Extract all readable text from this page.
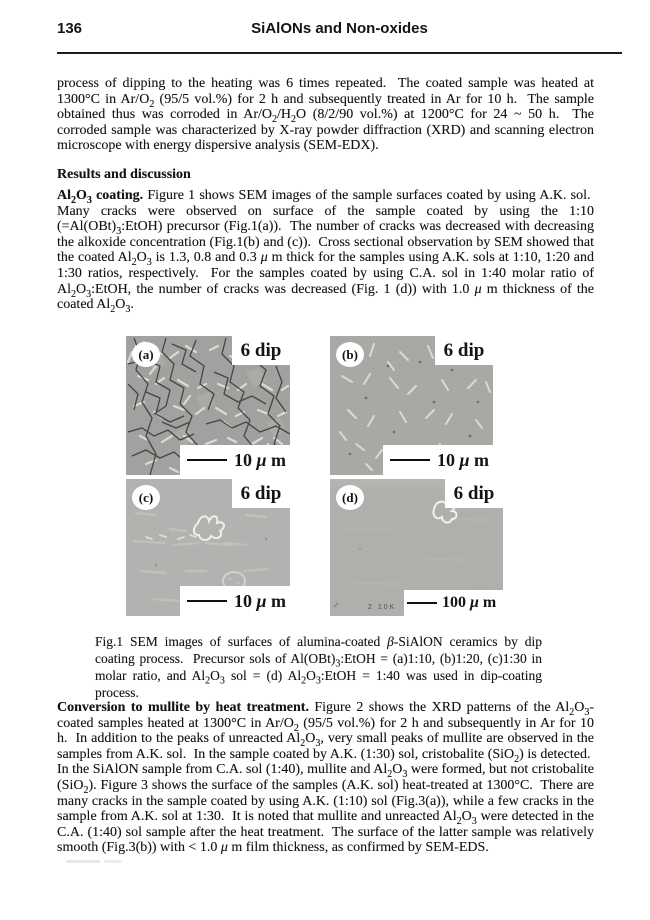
136	SiAlONs and Non-oxides

process of dipping to the heating was 6 times repeated.  The coated sample was heated at 1300°C in $Ar/O_2$ (95/5 vol.%) for 2 h and subsequently treated in Ar for 10 h.  The sample obtained thus was corroded in $Ar/O_2/H_2O$ (8/2/90 vol.%) at 1200°C for 24 ~ 50 h.  The corroded sample was characterized by X-ray powder diffraction (XRD) and scanning electron microscope with energy dispersive analysis (SEM-EDX).

Results and discussion

$Al_2O_3$ coating. Figure 1 shows SEM images of the sample surfaces coated by using A.K. sol.  Many cracks were observed on surface of the sample coated by using the 1:10 $(=Al(OBt)_3:EtOH)$ precursor (Fig.1(a)).  The number of cracks was decreased with decreasing the alkoxide concentration (Fig.1(b) and (c)).  Cross sectional observation by SEM showed that the coated $Al_2O_3$ is 1.3, 0.8 and 0.3 μ m thick for the samples using A.K. sols at 1:10, 1:20 and 1:30 ratios, respectively.  For the samples coated by using C.A. sol in 1:40 molar ratio of $Al_2O_3:EtOH$, the number of cracks was decreased (Fig. 1 (d)) with 1.0 μ m thickness of the coated $Al_2O_3$.

(a)	6 dip
10 μ m
(b)	6 dip
10 μ m
(c)	6 dip
10 μ m
(d)	6 dip
2 10K	100 μ m

Fig.1 SEM images of surfaces of alumina-coated β-SiAlON ceramics by dip coating process.  Precursor sols of $Al(OBt)_3:EtOH$ = (a)1:10, (b)1:20, (c)1:30 in molar ratio, and $Al_2O_3$ sol = (d) $Al_2O_3:EtOH$ = 1:40 was used in dip-coating process.

Conversion to mullite by heat treatment. Figure 2 shows the XRD patterns of the $Al_2O_3$-coated samples heated at 1300°C in $Ar/O_2$ (95/5 vol.%) for 2 h and subsequently in Ar for 10 h.  In addition to the peaks of unreacted $Al_2O_3$, very small peaks of mullite are observed in the samples from A.K. sol.  In the sample coated by A.K. (1:30) sol, cristobalite (SiO$_2$) is detected.  In the SiAlON sample from C.A. sol (1:40), mullite and $Al_2O_3$ were formed, but not cristobalite (SiO$_2$). Figure 3 shows the surface of the samples (A.K. sol) heat-treated at 1300°C.  There are many cracks in the sample coated by using A.K. (1:10) sol (Fig.3(a)), while a few cracks in the sample from A.K. sol at 1:30.  It is noted that mullite and unreacted $Al_2O_3$ were detected in the C.A. (1:40) sol sample after the heat treatment.  The surface of the latter sample was relatively smooth (Fig.3(b)) with < 1.0 μ m film thickness, as confirmed by SEM-EDS.
